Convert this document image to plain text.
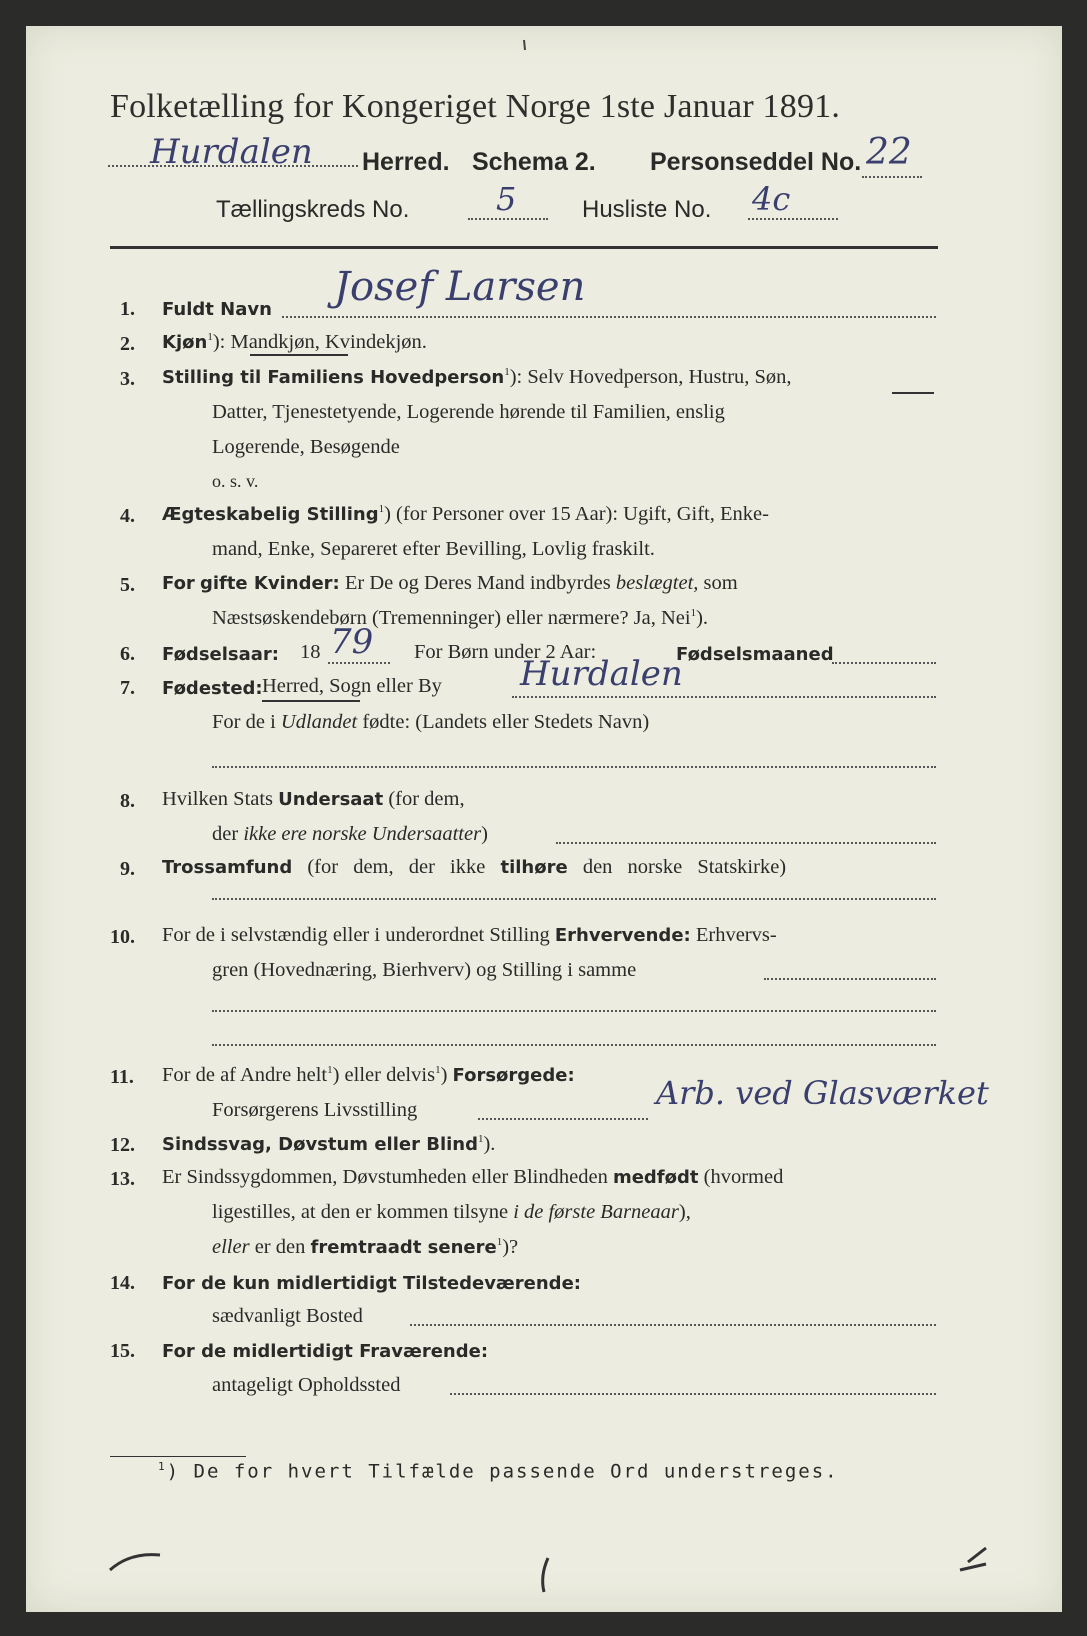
Folketælling for Kongeriget Norge 1ste Januar 1891.
Hurdalen Herred. Schema 2. Personseddel No. 22
Tællingskreds No.	5	Husliste No. 4c
1. Fuldt Navn Josef Larsen
2. Kjøn$^1$): Mandkjøn, Kvindekjøn.
3. Stilling til Familiens Hovedperson$^1$): Selv Hovedperson, Hustru, Søn,
Datter, Tjenestetyende, Logerende hørende til Familien, enslig
Logerende, Besøgende
o. s. v.
4. Ægteskabelig Stilling$^1$) (for Personer over 15 Aar): Ugift, Gift, Enke-
mand, Enke, Separeret efter Bevilling, Lovlig fraskilt.
5. For gifte Kvinder: Er De og Deres Mand indbyrdes beslægtet, som
Næstsøskendebørn (Tremenninger) eller nærmere? Ja, Nei$^1$).
6. Fødselsaar: 18 79 For Børn under 2 Aar:	Fødselsmaaned
7. Fødested: Herred, Sogn eller By Hurdalen
For de i Udlandet fødte: (Landets eller Stedets Navn)
8. Hvilken Stats Undersaat (for dem,
der ikke ere norske Undersaatter)
9. Trossamfund (for dem, der ikke tilhøre den norske Statskirke)
10. For de i selvstændig eller i underordnet Stilling Erhvervende: Erhvervs-
gren (Hovednæring, Bierhverv) og Stilling i samme
11. For de af Andre helt$^1$) eller delvis$^1$) Forsørgede:
Forsørgerens Livsstilling	Arb. ved Glasværket
12. Sindssvag, Døvstum eller Blind$^1$).
13. Er Sindssygdommen, Døvstumheden eller Blindheden medfødt (hvormed
ligestilles, at den er kommen tilsyne i de første Barneaar),
eller er den fremtraadt senere$^1$)?
14. For de kun midlertidigt Tilstedeværende:
sædvanligt Bosted
15. For de midlertidigt Fraværende:
antageligt Opholdssted
$^1$) De for hvert Tilfælde passende Ord understreges.
